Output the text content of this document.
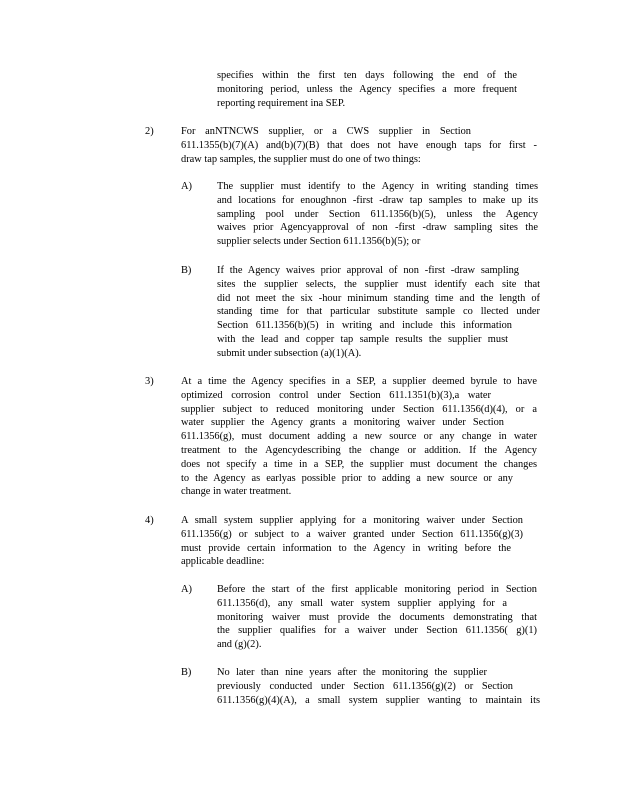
specifies within the first ten days following the end of the
monitoring period, unless the Agency specifies a more frequent
reporting requirement ina SEP.
2)	For anNTNCWS supplier, or a CWS supplier in Section
611.1355(b)(7)(A) and(b)(7)(B) that does not have enough taps for first -
draw tap samples, the supplier must do one of two things:
A) The supplier must identify to the Agency in writing standing times
and locations for enoughnon -first -draw tap samples to make up its
sampling pool under Section 611.1356(b)(5), unless the Agency
waives prior Agencyapproval of non -first -draw sampling sites the
supplier selects under Section 611.1356(b)(5); or
B) If the Agency waives prior approval of non -first -draw sampling
sites the supplier selects, the supplier must identify each site that
did not meet the six -hour minimum standing time and the length of
standing time for that particular substitute sample co llected under
Section 611.1356(b)(5) in writing and include this information
with the lead and copper tap sample results the supplier must
submit under subsection (a)(1)(A).
3)	At a time the Agency specifies in a SEP, a supplier deemed byrule to have
optimized corrosion control under Section 611.1351(b)(3),a water
supplier subject to reduced monitoring under Section 611.1356(d)(4), or a
water supplier the Agency grants a monitoring waiver under Section
611.1356(g), must document adding a new source or any change in water
treatment to the Agencydescribing the change or addition. If the Agency
does not specify a time in a SEP, the supplier must document the changes
to the Agency as earlyas possible prior to adding a new source or any
change in water treatment.
4)	A small system supplier applying for a monitoring waiver under Section
611.1356(g) or subject to a waiver granted under Section 611.1356(g)(3)
must provide certain information to the Agency in writing before the
applicable deadline:
A) Before the start of the first applicable monitoring period in Section
611.1356(d), any small water system supplier applying for a
monitoring waiver must provide the documents demonstrating that
the supplier qualifies for a waiver under Section 611.1356( g)(1)
and (g)(2).
B) No later than nine years after the monitoring the supplier
previously conducted under Section 611.1356(g)(2) or Section
611.1356(g)(4)(A), a small system supplier wanting to maintain its
